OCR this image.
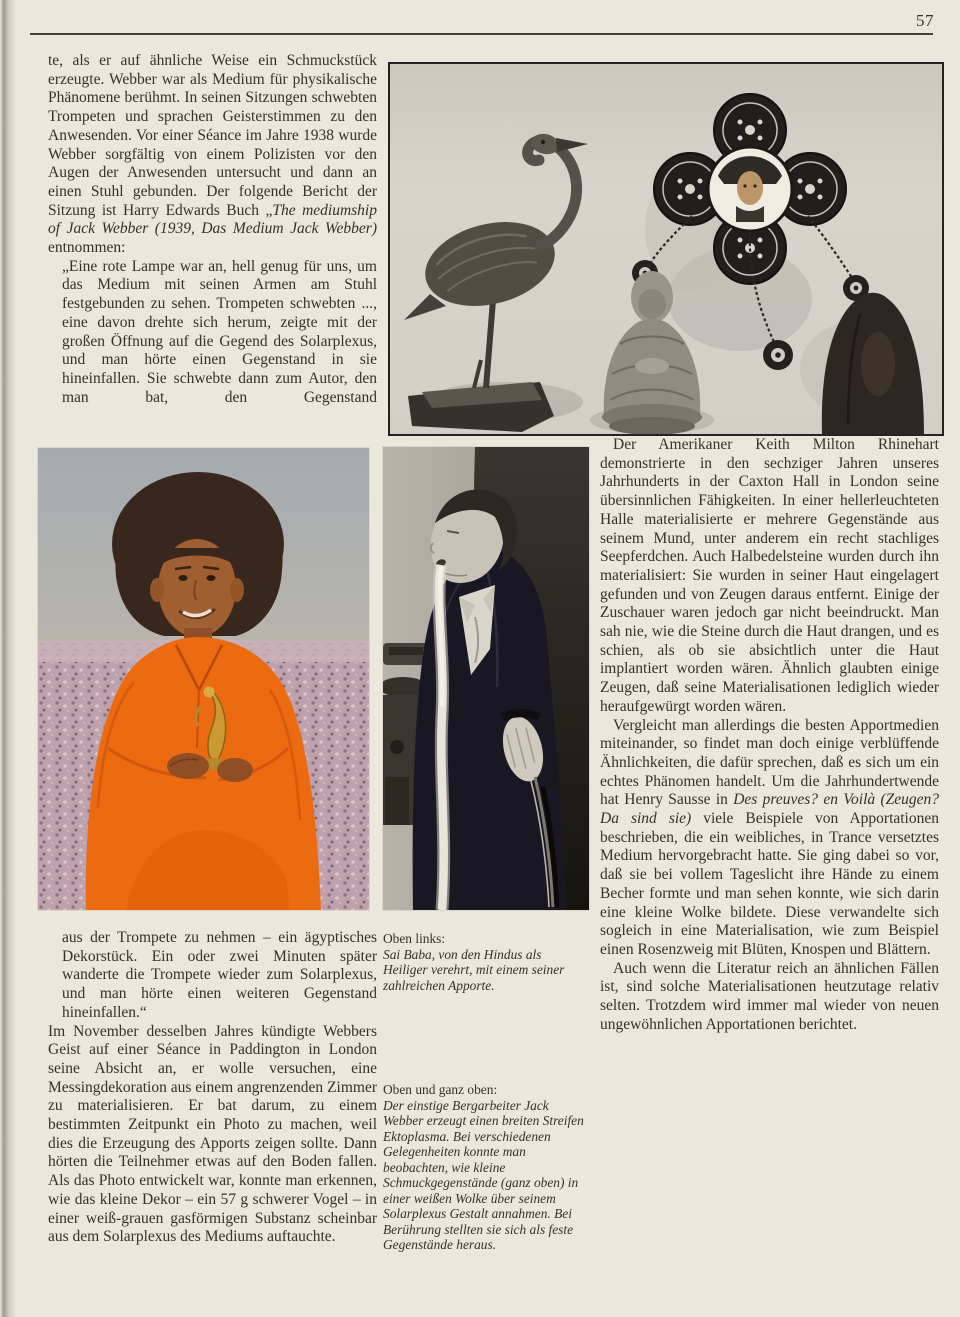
57

te, als er auf ähnliche Weise ein Schmuckstück erzeugte. Webber war als Medium für physikalische Phänomene berühmt. In seinen Sitzungen schwebten Trompeten und sprachen Geisterstimmen zu den Anwesenden. Vor einer Séance im Jahre 1938 wurde Webber sorgfältig von einem Polizisten vor den Augen der Anwesenden untersucht und dann an einen Stuhl gebunden. Der folgende Bericht der Sitzung ist Harry Edwards Buch „The mediumship of Jack Webber (1939, Das Medium Jack Webber) entnommen:

„Eine rote Lampe war an, hell genug für uns, um das Medium mit seinen Armen am Stuhl festgebunden zu sehen. Trompeten schwebten ..., eine davon drehte sich herum, zeigte mit der großen Öffnung auf die Gegend des Solarplexus, und man hörte einen Gegenstand in sie hineinfallen. Sie schwebte dann zum Autor, den man bat, den Gegenstand

aus der Trompete zu nehmen – ein ägyptisches Dekorstück. Ein oder zwei Minuten später wanderte die Trompete wieder zum Solarplexus, und man hörte einen weiteren Gegenstand hineinfallen.“

Im November desselben Jahres kündigte Webbers Geist auf einer Séance in Paddington in London seine Absicht an, er wolle versuchen, eine Messingdekoration aus einem angrenzenden Zimmer zu materialisieren. Er bat darum, zu einem bestimmten Zeitpunkt ein Photo zu machen, weil dies die Erzeugung des Apports zeigen sollte. Dann hörten die Teilnehmer etwas auf den Boden fallen. Als das Photo entwickelt war, konnte man erkennen, wie das kleine Dekor – ein 57 g schwerer Vogel – in einer weiß-grauen gasförmigen Substanz scheinbar aus dem Solarplexus des Mediums auftauchte.

Oben links:
Sai Baba, von den Hindus als Heiliger verehrt, mit einem seiner zahlreichen Apporte.
Oben und ganz oben:
Der einstige Bergarbeiter Jack Webber erzeugt einen breiten Streifen Ektoplasma. Bei verschiedenen Gelegenheiten konnte man beobachten, wie kleine Schmuckgegenstände (ganz oben) in einer weißen Wolke über seinem Solarplexus Gestalt annahmen. Bei Berührung stellten sie sich als feste Gegenstände heraus.

Der Amerikaner Keith Milton Rhinehart demonstrierte in den sechziger Jahren unseres Jahrhunderts in der Caxton Hall in London seine übersinnlichen Fähigkeiten. In einer hellerleuchteten Halle materialisierte er mehrere Gegenstände aus seinem Mund, unter anderem ein recht stachliges Seepferdchen. Auch Halbedelsteine wurden durch ihn materialisiert: Sie wurden in seiner Haut eingelagert gefunden und von Zeugen daraus entfernt. Einige der Zuschauer waren jedoch gar nicht beeindruckt. Man sah nie, wie die Steine durch die Haut drangen, und es schien, als ob sie absichtlich unter die Haut implantiert worden wären. Ähnlich glaubten einige Zeugen, daß seine Materialisationen lediglich wieder heraufgewürgt worden wären.

Vergleicht man allerdings die besten Apportmedien miteinander, so findet man doch einige verblüffende Ähnlichkeiten, die dafür sprechen, daß es sich um ein echtes Phänomen handelt. Um die Jahrhundertwende hat Henry Sausse in Des preuves? en Voilà (Zeugen? Da sind sie) viele Beispiele von Apportationen beschrieben, die ein weibliches, in Trance versetztes Medium hervorgebracht hatte. Sie ging dabei so vor, daß sie bei vollem Tageslicht ihre Hände zu einem Becher formte und man sehen konnte, wie sich darin eine kleine Wolke bildete. Diese verwandelte sich sogleich in eine Materialisation, wie zum Beispiel einen Rosenzweig mit Blüten, Knospen und Blättern.

Auch wenn die Literatur reich an ähnlichen Fällen ist, sind solche Materialisationen heutzutage relativ selten. Trotzdem wird immer mal wieder von neuen ungewöhnlichen Apportationen berichtet.
